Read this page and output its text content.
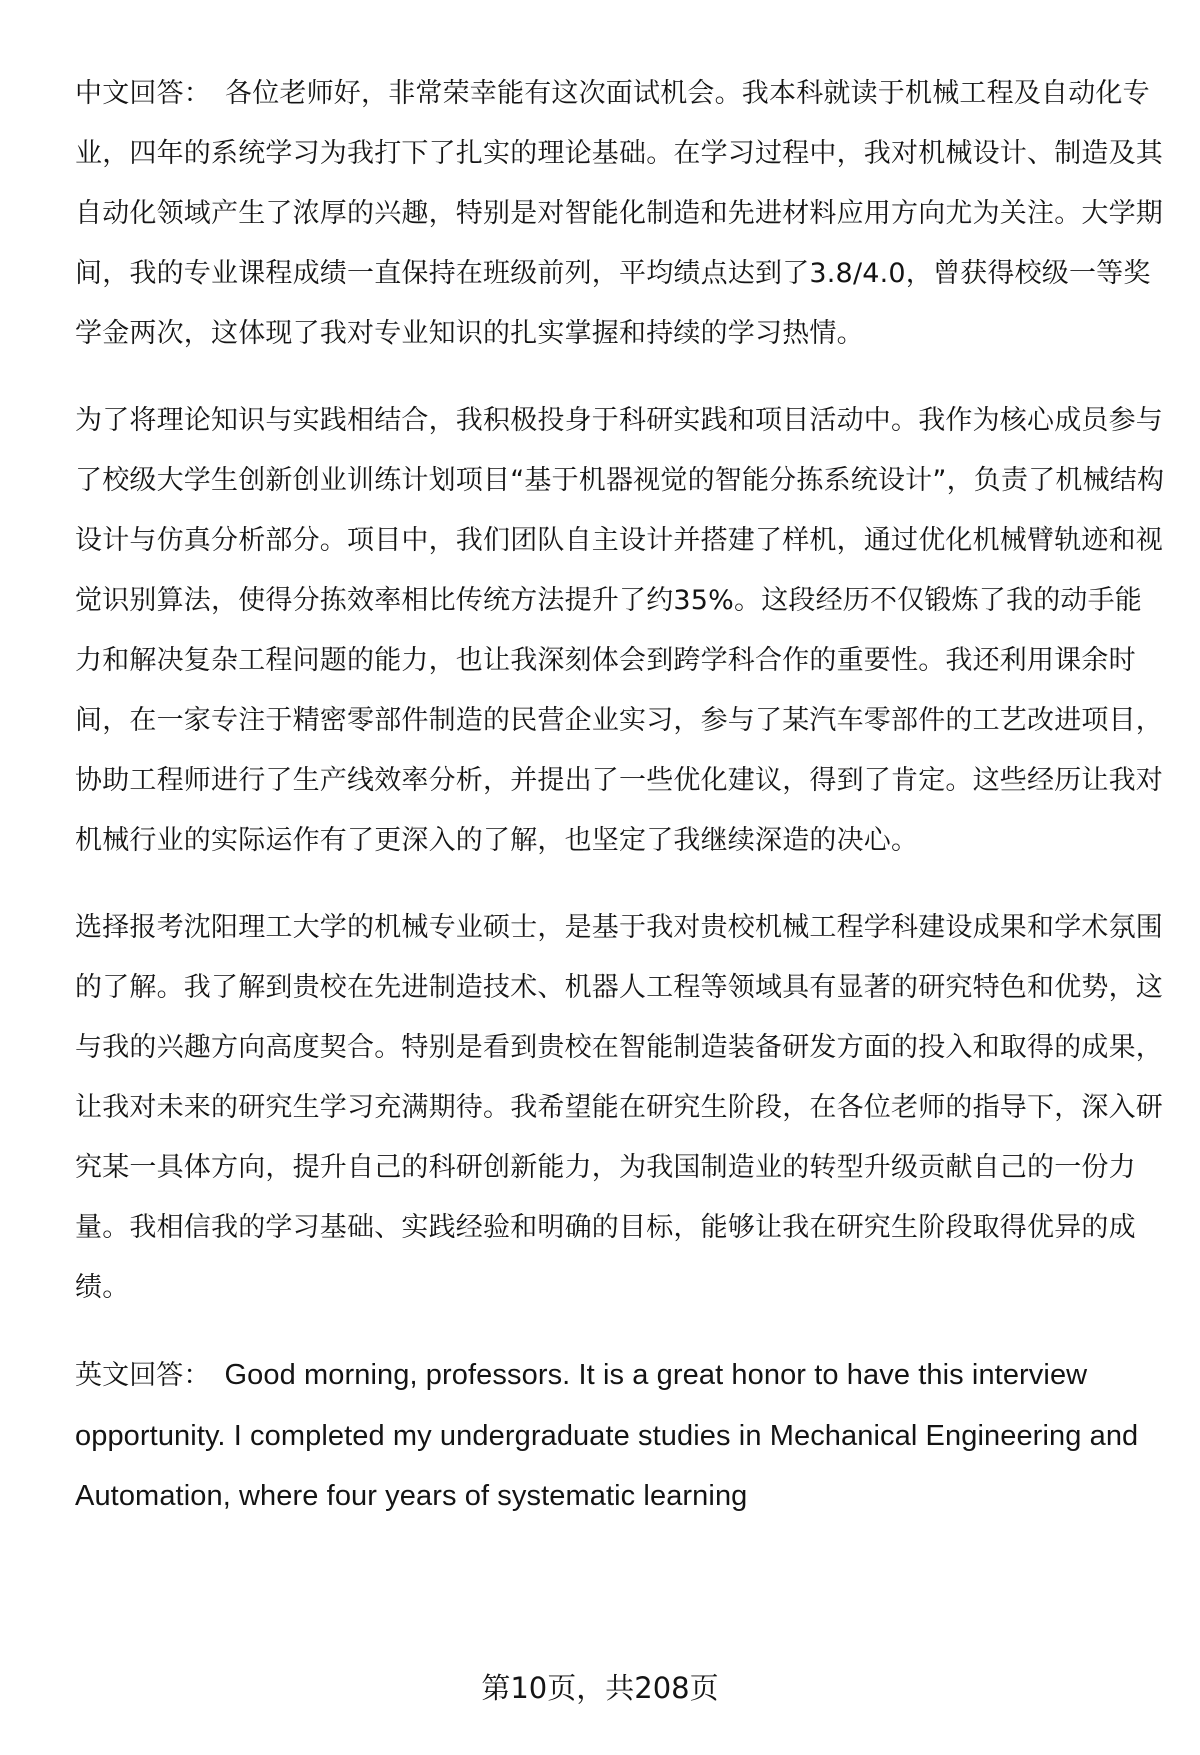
中文回答： 各位老师好，非常荣幸能有这次面试机会。我本科就读于机械工程及自动化专业，四年的系统学习为我打下了扎实的理论基础。在学习过程中，我对机械设计、制造及其自动化领域产生了浓厚的兴趣，特别是对智能化制造和先进材料应用方向尤为关注。大学期间，我的专业课程成绩一直保持在班级前列，平均绩点达到了3.8/4.0，曾获得校级一等奖学金两次，这体现了我对专业知识的扎实掌握和持续的学习热情。

为了将理论知识与实践相结合，我积极投身于科研实践和项目活动中。我作为核心成员参与了校级大学生创新创业训练计划项目“基于机器视觉的智能分拣系统设计”，负责了机械结构设计与仿真分析部分。项目中，我们团队自主设计并搭建了样机，通过优化机械臂轨迹和视觉识别算法，使得分拣效率相比传统方法提升了约35%。这段经历不仅锻炼了我的动手能力和解决复杂工程问题的能力，也让我深刻体会到跨学科合作的重要性。我还利用课余时间，在一家专注于精密零部件制造的民营企业实习，参与了某汽车零部件的工艺改进项目，协助工程师进行了生产线效率分析，并提出了一些优化建议，得到了肯定。这些经历让我对机械行业的实际运作有了更深入的了解，也坚定了我继续深造的决心。

选择报考沈阳理工大学的机械专业硕士，是基于我对贵校机械工程学科建设成果和学术氛围的了解。我了解到贵校在先进制造技术、机器人工程等领域具有显著的研究特色和优势，这与我的兴趣方向高度契合。特别是看到贵校在智能制造装备研发方面的投入和取得的成果，让我对未来的研究生学习充满期待。我希望能在研究生阶段，在各位老师的指导下，深入研究某一具体方向，提升自己的科研创新能力，为我国制造业的转型升级贡献自己的一份力量。我相信我的学习基础、实践经验和明确的目标，能够让我在研究生阶段取得优异的成绩。

英文回答： Good morning, professors. It is a great honor to have this interview opportunity. I completed my undergraduate studies in Mechanical Engineering and Automation, where four years of systematic learning

第10页，共208页
